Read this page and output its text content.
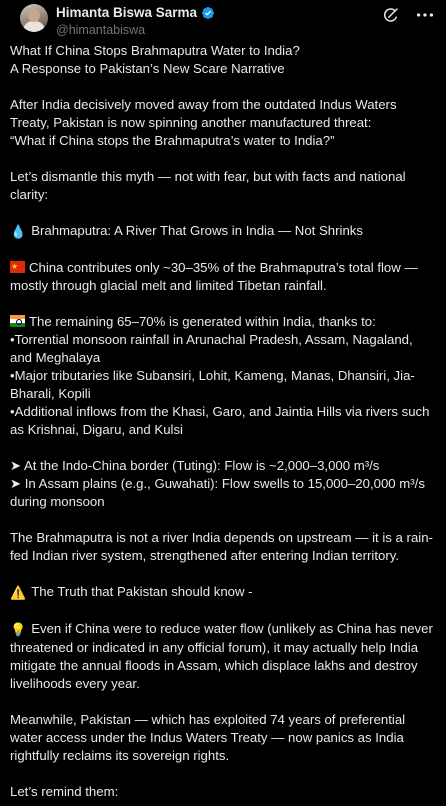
Himanta Biswa Sarma
@himantabiswa
What If China Stops Brahmaputra Water to India?
A Response to Pakistan’s New Scare Narrative
After India decisively moved away from the outdated Indus Waters
Treaty, Pakistan is now spinning another manufactured threat:
“What if China stops the Brahmaputra’s water to India?”
Let’s dismantle this myth — not with fear, but with facts and national
clarity:
💧 Brahmaputra: A River That Grows in India — Not Shrinks
★China contributes only ~30–35% of the Brahmaputra’s total flow —
mostly through glacial melt and limited Tibetan rainfall.
The remaining 65–70% is generated within India, thanks to:
•Torrential monsoon rainfall in Arunachal Pradesh, Assam, Nagaland,
and Meghalaya
•Major tributaries like Subansiri, Lohit, Kameng, Manas, Dhansiri, Jia-
Bharali, Kopili
•Additional inflows from the Khasi, Garo, and Jaintia Hills via rivers such
as Krishnai, Digaru, and Kulsi
➤ At the Indo-China border (Tuting): Flow is ~2,000–3,000 m³/s
➤ In Assam plains (e.g., Guwahati): Flow swells to 15,000–20,000 m³/s
during monsoon
The Brahmaputra is not a river India depends on upstream — it is a rain-
fed Indian river system, strengthened after entering Indian territory.
⚠️ The Truth that Pakistan should know -
💡 Even if China were to reduce water flow (unlikely as China has never
threatened or indicated in any official forum), it may actually help India
mitigate the annual floods in Assam, which displace lakhs and destroy
livelihoods every year.
Meanwhile, Pakistan — which has exploited 74 years of preferential
water access under the Indus Waters Treaty — now panics as India
rightfully reclaims its sovereign rights.
Let’s remind them:
